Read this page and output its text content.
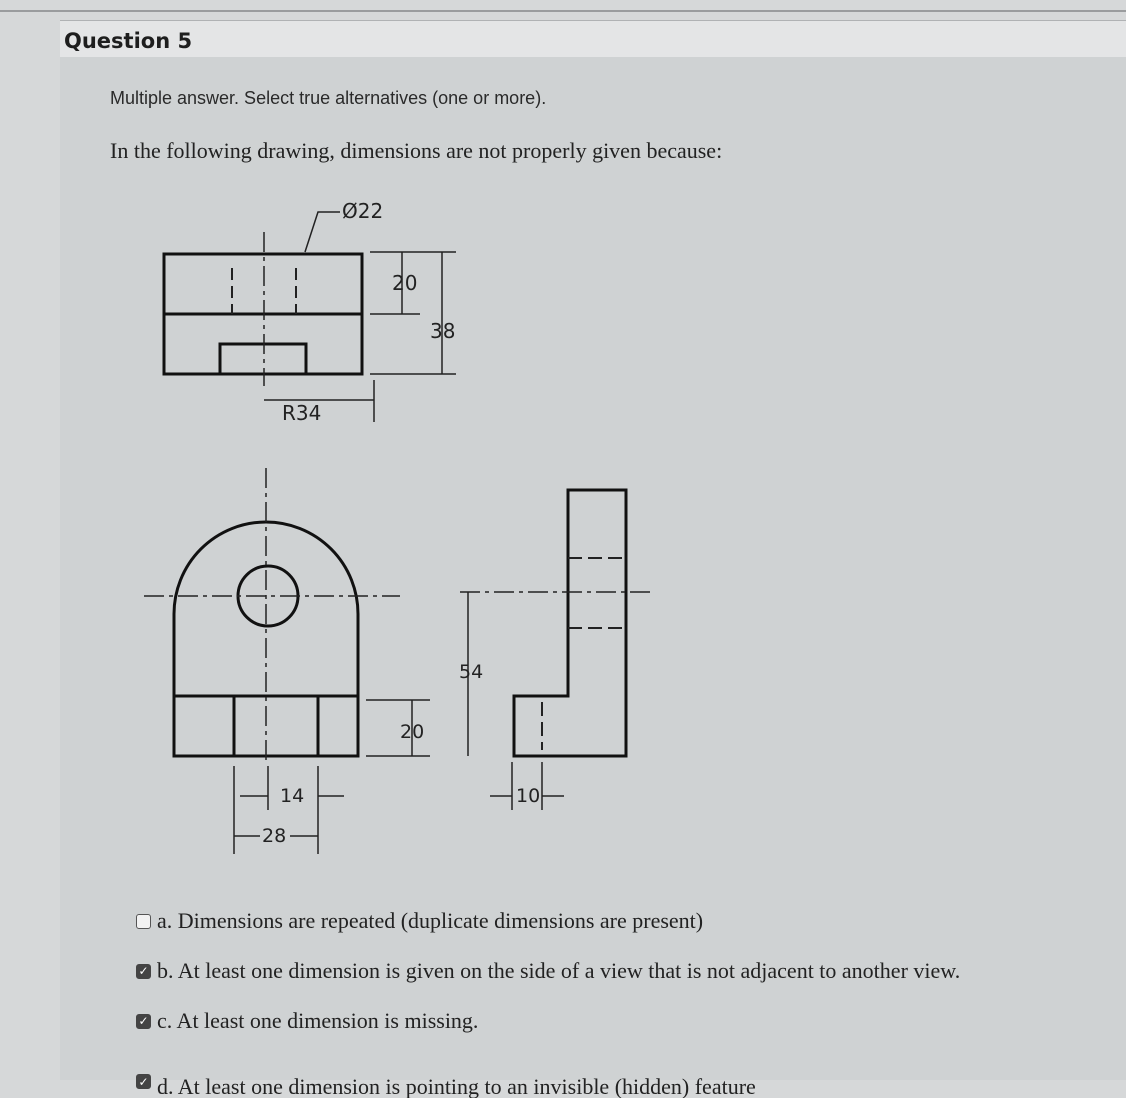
Question 5
Multiple answer. Select true alternatives (one or more).
In the following drawing, dimensions are not properly given because:
Ø22
20
38
R34
54
20
14
28
10
a. Dimensions are repeated (duplicate dimensions are present)
✓ b. At least one dimension is given on the side of a view that is not adjacent to another view.
✓ c. At least one dimension is missing.
✓ d. At least one dimension is pointing to an invisible (hidden) feature
